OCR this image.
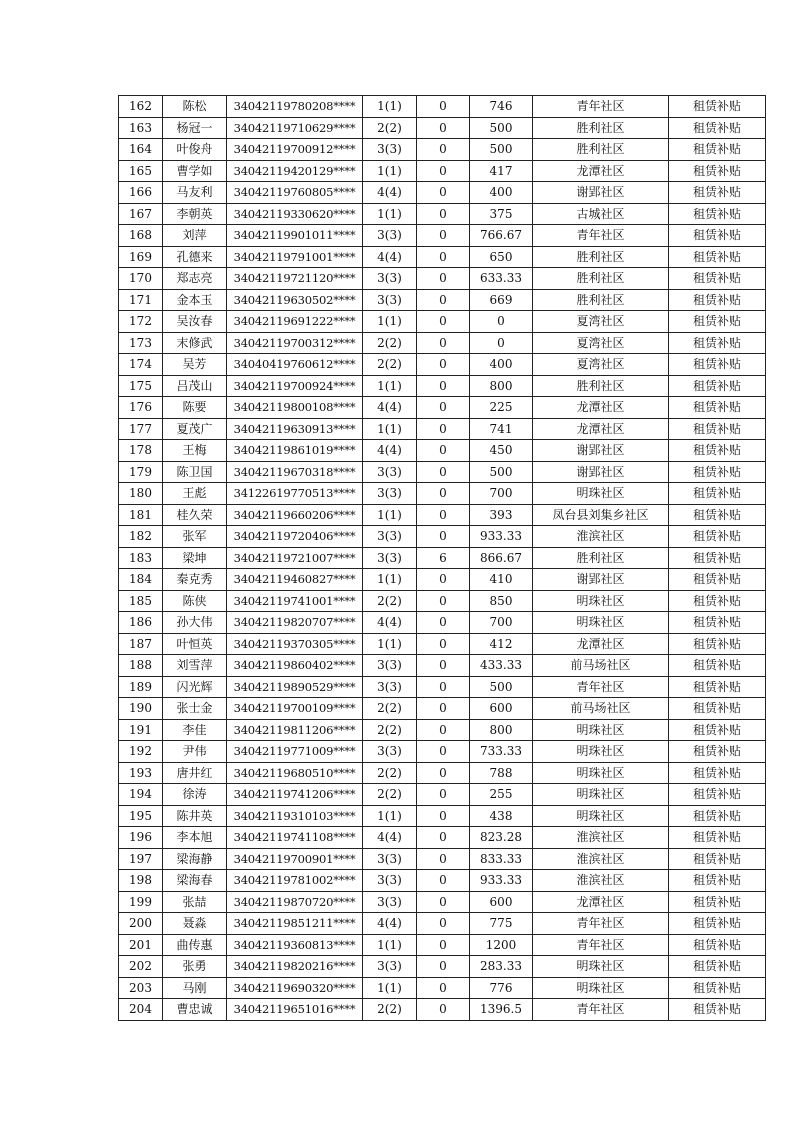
162	陈松	34042119780208****	1(1)	0	746	青年社区	租赁补贴
163	杨冠一	34042119710629****	2(2)	0	500	胜利社区	租赁补贴
164	叶俊舟	34042119700912****	3(3)	0	500	胜利社区	租赁补贴
165	曹学如	34042119420129****	1(1)	0	417	龙潭社区	租赁补贴
166	马友利	34042119760805****	4(4)	0	400	谢郢社区	租赁补贴
167	李朝英	34042119330620****	1(1)	0	375	古城社区	租赁补贴
168	刘萍	34042119901011****	3(3)	0	766.67	青年社区	租赁补贴
169	孔德来	34042119791001****	4(4)	0	650	胜利社区	租赁补贴
170	郑志亮	34042119721120****	3(3)	0	633.33	胜利社区	租赁补贴
171	金本玉	34042119630502****	3(3)	0	669	胜利社区	租赁补贴
172	吴汝春	34042119691222****	1(1)	0	0	夏湾社区	租赁补贴
173	末修武	34042119700312****	2(2)	0	0	夏湾社区	租赁补贴
174	吴芳	34040419760612****	2(2)	0	400	夏湾社区	租赁补贴
175	吕茂山	34042119700924****	1(1)	0	800	胜利社区	租赁补贴
176	陈要	34042119800108****	4(4)	0	225	龙潭社区	租赁补贴
177	夏茂广	34042119630913****	1(1)	0	741	龙潭社区	租赁补贴
178	王梅	34042119861019****	4(4)	0	450	谢郢社区	租赁补贴
179	陈卫国	34042119670318****	3(3)	0	500	谢郢社区	租赁补贴
180	王彪	34122619770513****	3(3)	0	700	明珠社区	租赁补贴
181	桂久荣	34042119660206****	1(1)	0	393	凤台县刘集乡社区	租赁补贴
182	张军	34042119720406****	3(3)	0	933.33	淮滨社区	租赁补贴
183	梁坤	34042119721007****	3(3)	6	866.67	胜利社区	租赁补贴
184	秦克秀	34042119460827****	1(1)	0	410	谢郢社区	租赁补贴
185	陈侠	34042119741001****	2(2)	0	850	明珠社区	租赁补贴
186	孙大伟	34042119820707****	4(4)	0	700	明珠社区	租赁补贴
187	叶恒英	34042119370305****	1(1)	0	412	龙潭社区	租赁补贴
188	刘雪萍	34042119860402****	3(3)	0	433.33	前马场社区	租赁补贴
189	闪光辉	34042119890529****	3(3)	0	500	青年社区	租赁补贴
190	张士金	34042119700109****	2(2)	0	600	前马场社区	租赁补贴
191	李佳	34042119811206****	2(2)	0	800	明珠社区	租赁补贴
192	尹伟	34042119771009****	3(3)	0	733.33	明珠社区	租赁补贴
193	唐井红	34042119680510****	2(2)	0	788	明珠社区	租赁补贴
194	徐涛	34042119741206****	2(2)	0	255	明珠社区	租赁补贴
195	陈井英	34042119310103****	1(1)	0	438	明珠社区	租赁补贴
196	李本旭	34042119741108****	4(4)	0	823.28	淮滨社区	租赁补贴
197	梁海静	34042119700901****	3(3)	0	833.33	淮滨社区	租赁补贴
198	梁海春	34042119781002****	3(3)	0	933.33	淮滨社区	租赁补贴
199	张喆	34042119870720****	3(3)	0	600	龙潭社区	租赁补贴
200	聂淼	34042119851211****	4(4)	0	775	青年社区	租赁补贴
201	曲传惠	34042119360813****	1(1)	0	1200	青年社区	租赁补贴
202	张勇	34042119820216****	3(3)	0	283.33	明珠社区	租赁补贴
203	马刚	34042119690320****	1(1)	0	776	明珠社区	租赁补贴
204	曹忠诚	34042119651016****	2(2)	0	1396.5	青年社区	租赁补贴
